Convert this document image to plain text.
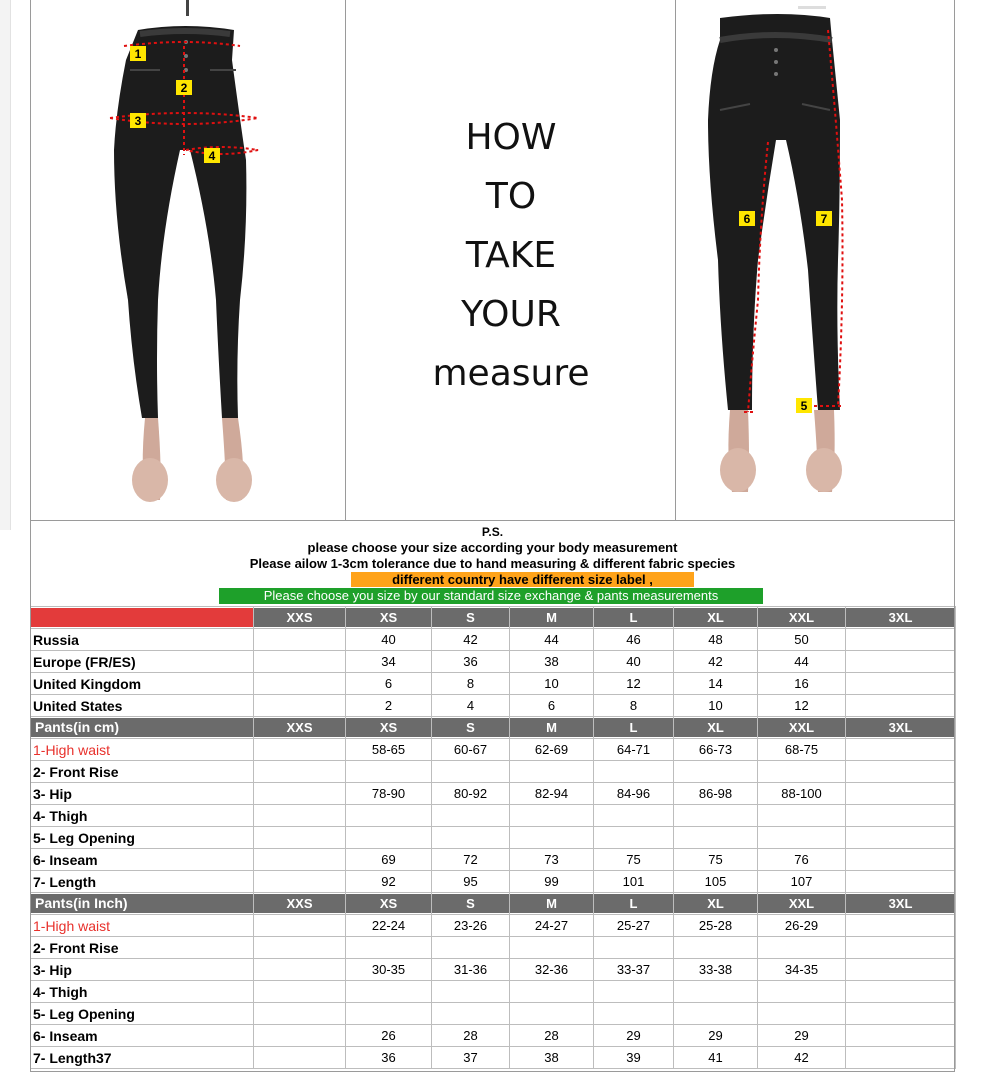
1
2
3
4	HOW
TO
TAKE
YOUR
measure
6	7
5
P.S.
please choose your size according your body measurement
Please ailow 1-3cm tolerance due to hand measuring & different fabric species
different country have different size label ,
Please choose you size by our standard size exchange & pants measurements

	XXS	XS	S	M	L	XL	XXL	3XL

Russia		40	42	44	46	48	50	
Europe (FR/ES)		34	36	38	40	42	44	
United Kingdom		6	8	10	12	14	16	
United States		2	4	6	8	10	12	

Pants(in cm)	XXS	XS	S	M	L	XL	XXL	3XL

1-High waist		58-65	60-67	62-69	64-71	66-73	68-75	
2- Front Rise								
3- Hip		78-90	80-92	82-94	84-96	86-98	88-100	
4- Thigh								
5- Leg Opening								
6- Inseam		69	72	73	75	75	76	
7- Length		92	95	99	101	105	107	

Pants(in Inch)	XXS	XS	S	M	L	XL	XXL	3XL

1-High waist		22-24	23-26	24-27	25-27	25-28	26-29	
2- Front Rise								
3- Hip		30-35	31-36	32-36	33-37	33-38	34-35	
4- Thigh								
5- Leg Opening								
6- Inseam		26	28	28	29	29	29	
7- Length37		36	37	38	39	41	42	
